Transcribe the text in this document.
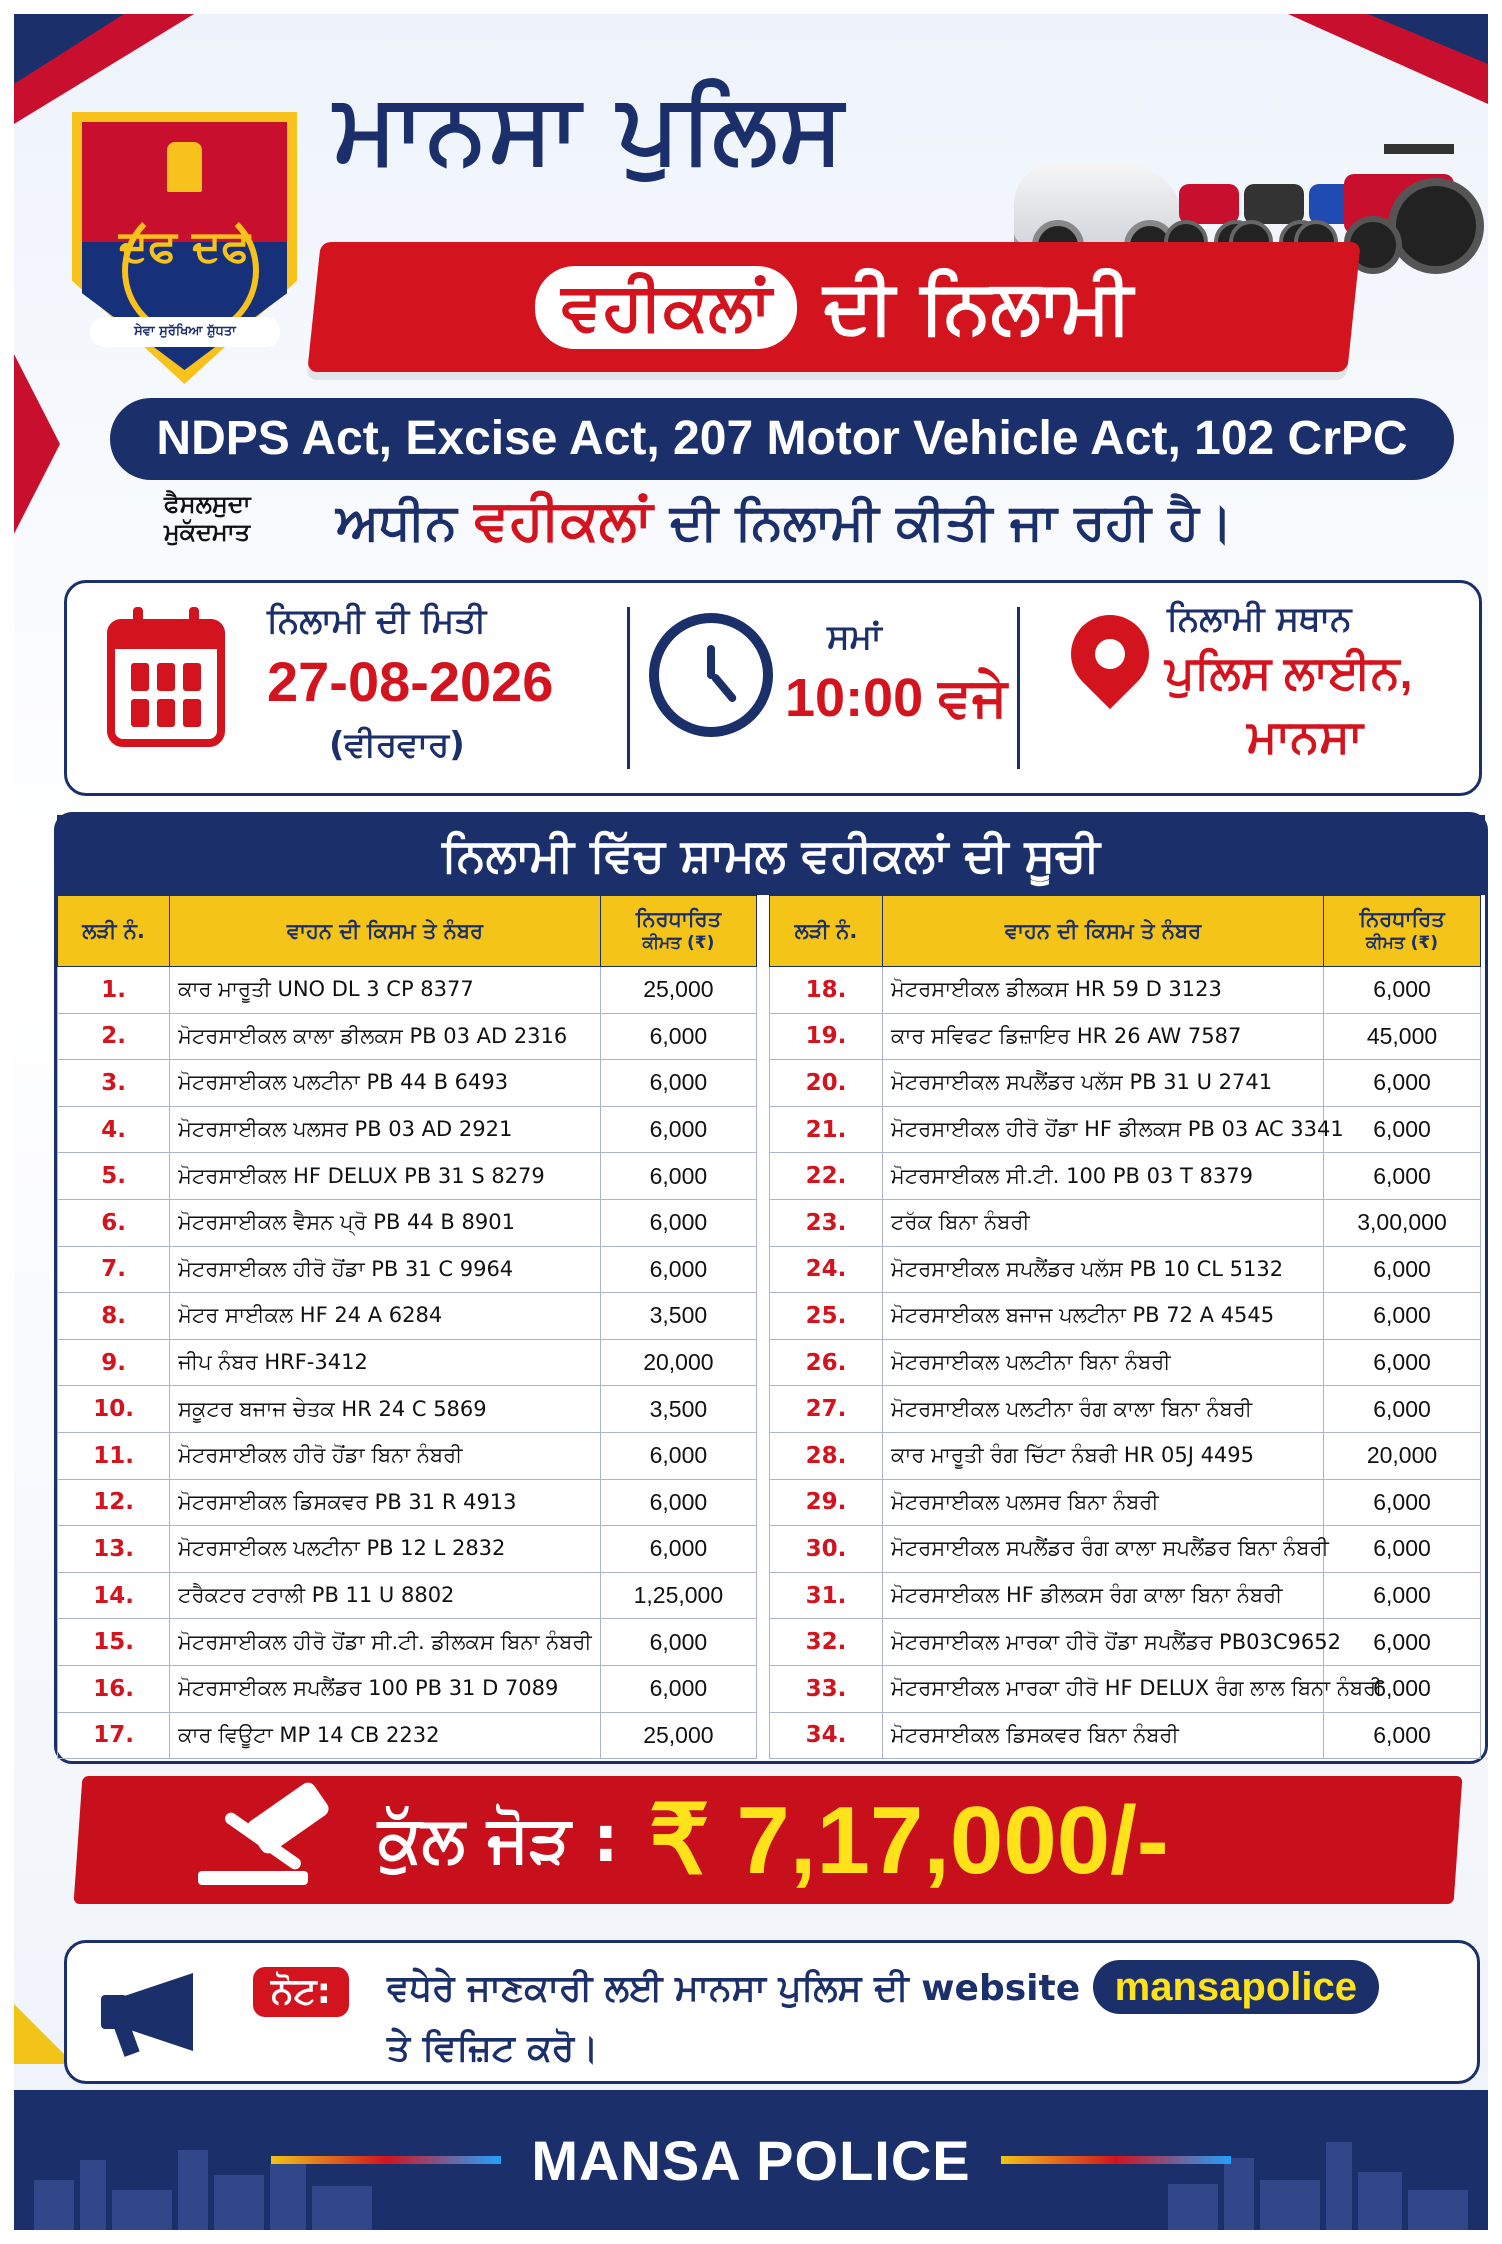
ਦਫ ਦਫ
ਸੇਵਾ ਸੁਰੱਖਿਆ ਸ਼ੁੱਧਤਾ
ਮਾਨਸਾ ਪੁਲਿਸ
ਵਹੀਕਲਾਂ ਦੀ ਨਿਲਾਮੀ
NDPS Act, Excise Act, 207 Motor Vehicle Act, 102 CrPC
ਫੈਸਲਸੁਦਾ
ਮੁਕੱਦਮਾਤ ਅਧੀਨ ਵਹੀਕਲਾਂ ਦੀ ਨਿਲਾਮੀ ਕੀਤੀ ਜਾ ਰਹੀ ਹੈ।
ਨਿਲਾਮੀ ਦੀ ਮਿਤੀ
27-08-2026
(ਵੀਰਵਾਰ)
ਸਮਾਂ
10:00 ਵਜੇ
ਨਿਲਾਮੀ ਸਥਾਨ
ਪੁਲਿਸ ਲਾਈਨ,
ਮਾਨਸਾ
ਨਿਲਾਮੀ ਵਿੱਚ ਸ਼ਾਮਲ ਵਹੀਕਲਾਂ ਦੀ ਸੂਚੀ
ਲੜੀ ਨੰ.	ਵਾਹਨ ਦੀ ਕਿਸਮ ਤੇ ਨੰਬਰ	ਨਿਰਧਾਰਿਤ
ਕੀਮਤ (₹)

1.	ਕਾਰ ਮਾਰੂਤੀ UNO DL 3 CP 8377	25,000
2.	ਮੋਟਰਸਾਈਕਲ ਕਾਲਾ ਡੀਲਕਸ PB 03 AD 2316	6,000
3.	ਮੋਟਰਸਾਈਕਲ ਪਲਟੀਨਾ PB 44 B 6493	6,000
4.	ਮੋਟਰਸਾਈਕਲ ਪਲਸਰ PB 03 AD 2921	6,000
5.	ਮੋਟਰਸਾਈਕਲ HF DELUX PB 31 S 8279	6,000
6.	ਮੋਟਰਸਾਈਕਲ ਵੈਸਨ ਪ੍ਰੋ PB 44 B 8901	6,000
7.	ਮੋਟਰਸਾਈਕਲ ਹੀਰੋ ਹੋਂਡਾ PB 31 C 9964	6,000
8.	ਮੋਟਰ ਸਾਈਕਲ HF 24 A 6284	3,500
9.	ਜੀਪ ਨੰਬਰ HRF-3412	20,000
10.	ਸਕੂਟਰ ਬਜਾਜ ਚੇਤਕ HR 24 C 5869	3,500
11.	ਮੋਟਰਸਾਈਕਲ ਹੀਰੋ ਹੋਂਡਾ ਬਿਨਾ ਨੰਬਰੀ	6,000
12.	ਮੋਟਰਸਾਈਕਲ ਡਿਸਕਵਰ PB 31 R 4913	6,000
13.	ਮੋਟਰਸਾਈਕਲ ਪਲਟੀਨਾ PB 12 L 2832	6,000
14.	ਟਰੈਕਟਰ ਟਰਾਲੀ PB 11 U 8802	1,25,000
15.	ਮੋਟਰਸਾਈਕਲ ਹੀਰੋ ਹੋਂਡਾ ਸੀ.ਟੀ. ਡੀਲਕਸ ਬਿਨਾ ਨੰਬਰੀ	6,000
16.	ਮੋਟਰਸਾਈਕਲ ਸਪਲੈਂਡਰ 100 PB 31 D 7089	6,000
17.	ਕਾਰ ਵਿਊਟਾ MP 14 CB 2232	25,000
ਲੜੀ ਨੰ.	ਵਾਹਨ ਦੀ ਕਿਸਮ ਤੇ ਨੰਬਰ	ਨਿਰਧਾਰਿਤ
ਕੀਮਤ (₹)

18.	ਮੋਟਰਸਾਈਕਲ ਡੀਲਕਸ HR 59 D 3123	6,000
19.	ਕਾਰ ਸਵਿਫਟ ਡਿਜ਼ਾਇਰ HR 26 AW 7587	45,000
20.	ਮੋਟਰਸਾਈਕਲ ਸਪਲੈਂਡਰ ਪਲੱਸ PB 31 U 2741	6,000
21.	ਮੋਟਰਸਾਈਕਲ ਹੀਰੋ ਹੋਂਡਾ HF ਡੀਲਕਸ PB 03 AC 3341	6,000
22.	ਮੋਟਰਸਾਈਕਲ ਸੀ.ਟੀ. 100 PB 03 T 8379	6,000
23.	ਟਰੱਕ ਬਿਨਾ ਨੰਬਰੀ	3,00,000
24.	ਮੋਟਰਸਾਈਕਲ ਸਪਲੈਂਡਰ ਪਲੱਸ PB 10 CL 5132	6,000
25.	ਮੋਟਰਸਾਈਕਲ ਬਜਾਜ ਪਲਟੀਨਾ PB 72 A 4545	6,000
26.	ਮੋਟਰਸਾਈਕਲ ਪਲਟੀਨਾ ਬਿਨਾ ਨੰਬਰੀ	6,000
27.	ਮੋਟਰਸਾਈਕਲ ਪਲਟੀਨਾ ਰੰਗ ਕਾਲਾ ਬਿਨਾ ਨੰਬਰੀ	6,000
28.	ਕਾਰ ਮਾਰੂਤੀ ਰੰਗ ਚਿੱਟਾ ਨੰਬਰੀ HR 05J 4495	20,000
29.	ਮੋਟਰਸਾਈਕਲ ਪਲਸਰ ਬਿਨਾ ਨੰਬਰੀ	6,000
30.	ਮੋਟਰਸਾਈਕਲ ਸਪਲੈਂਡਰ ਰੰਗ ਕਾਲਾ ਸਪਲੈਂਡਰ ਬਿਨਾ ਨੰਬਰੀ	6,000
31.	ਮੋਟਰਸਾਈਕਲ HF ਡੀਲਕਸ ਰੰਗ ਕਾਲਾ ਬਿਨਾ ਨੰਬਰੀ	6,000
32.	ਮੋਟਰਸਾਈਕਲ ਮਾਰਕਾ ਹੀਰੋ ਹੋਂਡਾ ਸਪਲੈਂਡਰ PB03C9652	6,000
33.	ਮੋਟਰਸਾਈਕਲ ਮਾਰਕਾ ਹੀਰੋ HF DELUX ਰੰਗ ਲਾਲ ਬਿਨਾ ਨੰਬਰੀ	6,000
34.	ਮੋਟਰਸਾਈਕਲ ਡਿਸਕਵਰ ਬਿਨਾ ਨੰਬਰੀ	6,000
ਕੁੱਲ ਜੋੜ : ₹ 7,17,000/-
ਨੋਟ:	ਵਧੇਰੇ ਜਾਣਕਾਰੀ ਲਈ ਮਾਨਸਾ ਪੁਲਿਸ ਦੀ website mansapolice
ਤੇ ਵਿਜ਼ਿਟ ਕਰੋ।
MANSA POLICE
